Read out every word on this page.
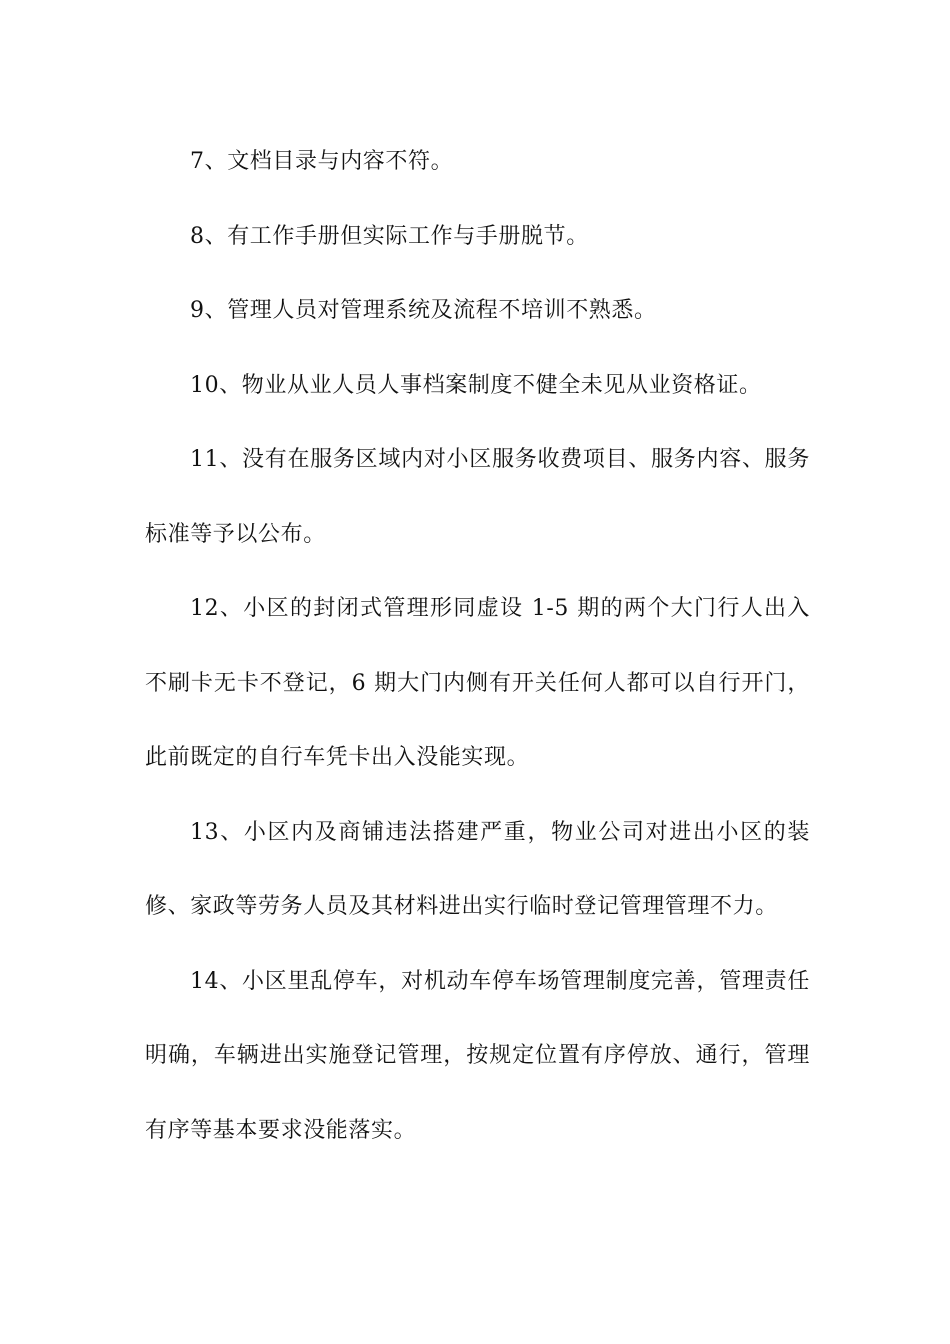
7、文档目录与内容不符。

8、有工作手册但实际工作与手册脱节。

9、管理人员对管理系统及流程不培训不熟悉。

10、物业从业人员人事档案制度不健全未见从业资格证。

11、没有在服务区域内对小区服务收费项目、服务内容、服务标准等予以公布。

12、小区的封闭式管理形同虚设 1-5 期的两个大门行人出入不刷卡无卡不登记，6 期大门内侧有开关任何人都可以自行开门，此前既定的自行车凭卡出入没能实现。

13、小区内及商铺违法搭建严重，物业公司对进出小区的装修、家政等劳务人员及其材料进出实行临时登记管理管理不力。

14、小区里乱停车，对机动车停车场管理制度完善，管理责任明确，车辆进出实施登记管理，按规定位置有序停放、通行，管理有序等基本要求没能落实。
